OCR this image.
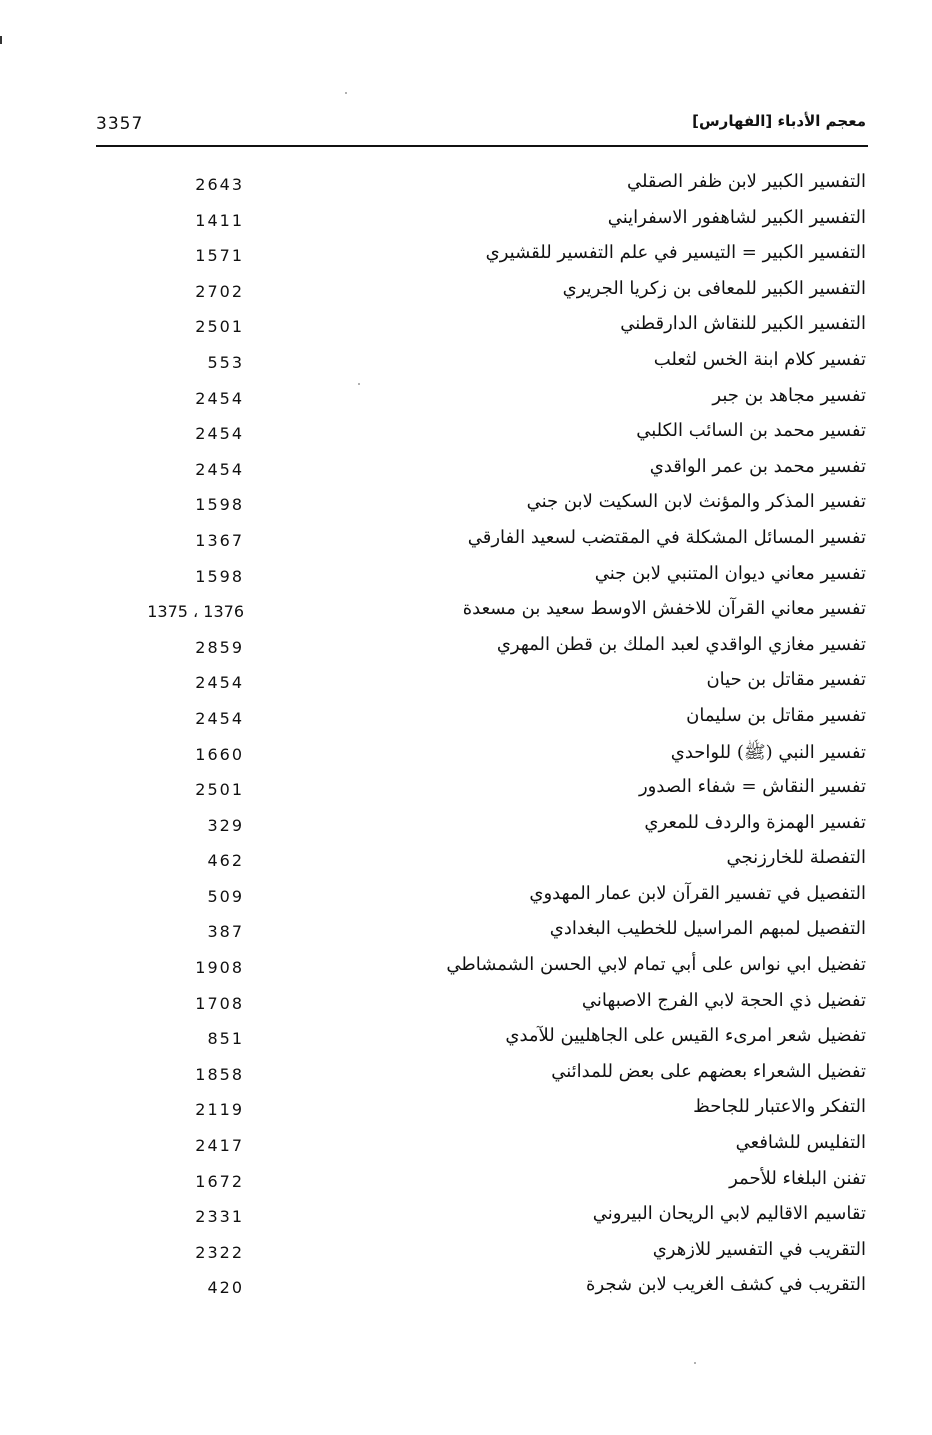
3357	معجم الأدباء [الفهارس]
التفسير الكبير لابن ظفر الصقلي
2643
التفسير الكبير لشاهفور الاسفرايني
1411
التفسير الكبير = التيسير في علم التفسير للقشيري
1571
التفسير الكبير للمعافى بن زكريا الجريري
2702
التفسير الكبير للنقاش الدارقطني
2501
تفسير كلام ابنة الخس لثعلب
553
تفسير مجاهد بن جبر
2454
تفسير محمد بن السائب الكلبي
2454
تفسير محمد بن عمر الواقدي
2454
تفسير المذكر والمؤنث لابن السكيت لابن جني
1598
تفسير المسائل المشكلة في المقتضب لسعيد الفارقي
1367
تفسير معاني ديوان المتنبي لابن جني
1598
تفسير معاني القرآن للاخفش الاوسط سعيد بن مسعدة
1375 ، 1376
تفسير مغازي الواقدي لعبد الملك بن قطن المهري
2859
تفسير مقاتل بن حيان
2454
تفسير مقاتل بن سليمان
2454
تفسير النبي (ﷺ) للواحدي
1660
تفسير النقاش = شفاء الصدور
2501
تفسير الهمزة والردف للمعري
329
التفصلة للخارزنجي
462
التفصيل في تفسير القرآن لابن عمار المهدوي
509
التفصيل لمبهم المراسيل للخطيب البغدادي
387
تفضيل ابي نواس على أبي تمام لابي الحسن الشمشاطي
1908
تفضيل ذي الحجة لابي الفرج الاصبهاني
1708
تفضيل شعر امرىء القيس على الجاهليين للآمدي
851
تفضيل الشعراء بعضهم على بعض للمدائني
1858
التفكر والاعتبار للجاحظ
2119
التفليس للشافعي
2417
تفنن البلغاء للأحمر
1672
تقاسيم الاقاليم لابي الريحان البيروني
2331
التقريب في التفسير للازهري
2322
التقريب في كشف الغريب لابن شجرة
420
